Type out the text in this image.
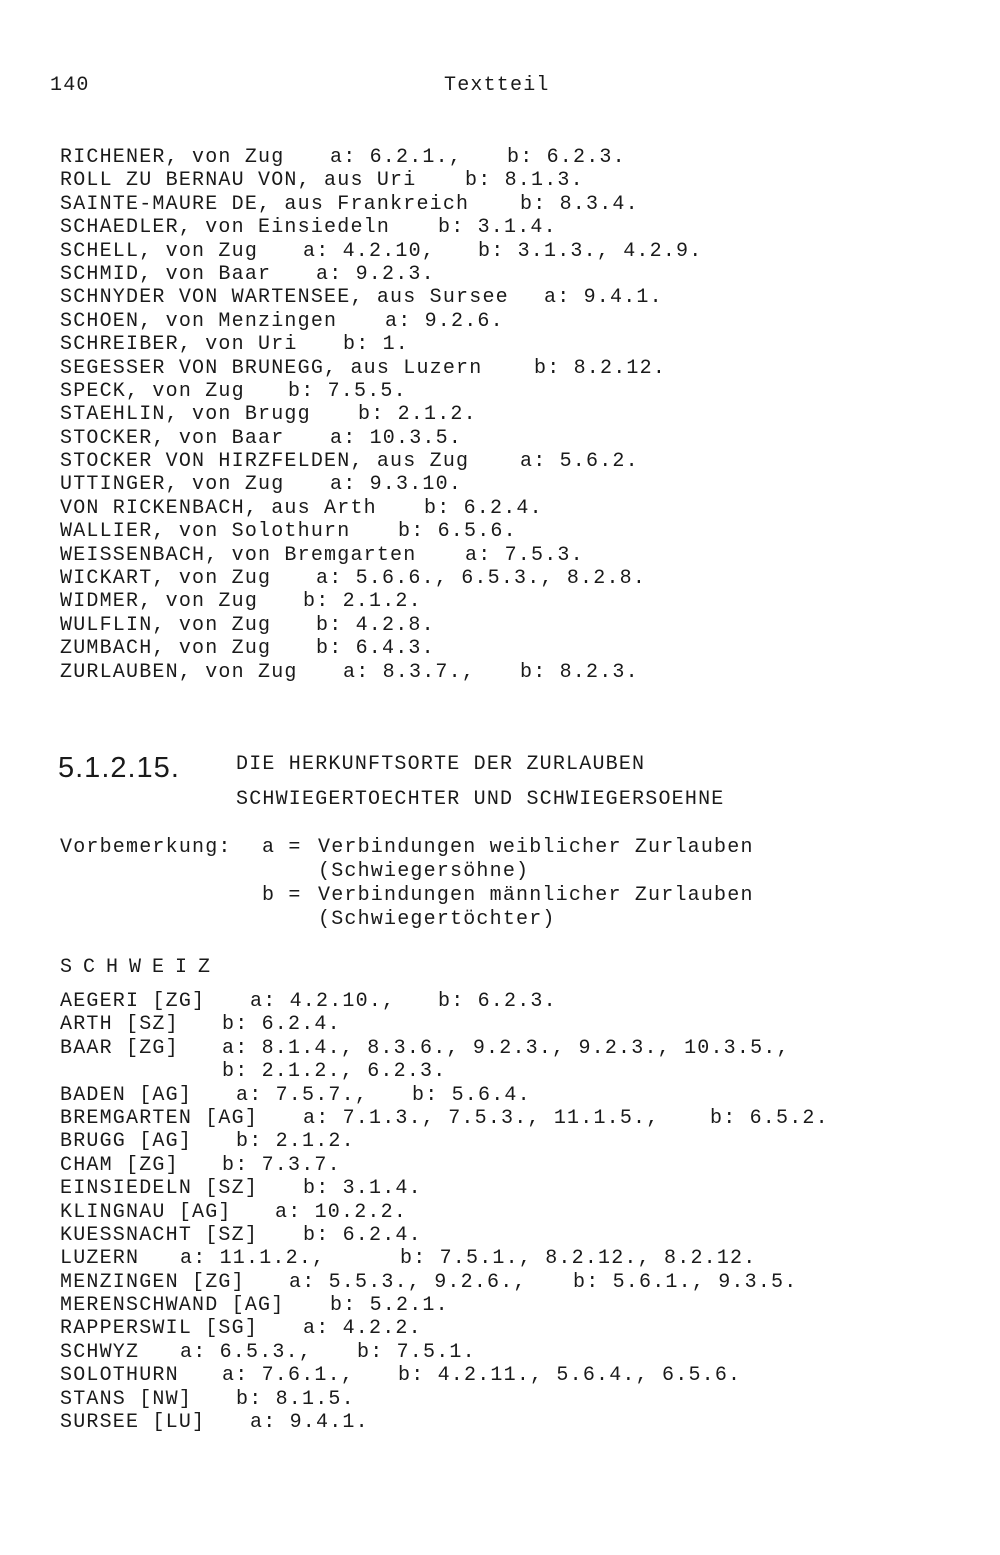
140	Textteil
RICHENER, von Zug a: 6.2.1., b: 6.2.3.
ROLL ZU BERNAU VON, aus Uri b: 8.1.3.
SAINTE-MAURE DE, aus Frankreich	b: 8.3.4.
SCHAEDLER, von Einsiedeln b: 3.1.4.
SCHELL, von Zug a: 4.2.10, b: 3.1.3., 4.2.9.
SCHMID, von Baar a: 9.2.3.
SCHNYDER VON WARTENSEE, aus Sursee a: 9.4.1.
SCHOEN, von Menzingen a: 9.2.6.
SCHREIBER, von Uri b: 1.
SEGESSER VON BRUNEGG, aus Luzern	b: 8.2.12.
SPECK, von Zug b: 7.5.5.
STAEHLIN, von Brugg b: 2.1.2.
STOCKER, von Baar a: 10.3.5.
STOCKER VON HIRZFELDEN, aus Zug	a: 5.6.2.
UTTINGER, von Zug a: 9.3.10.
VON RICKENBACH, aus Arth b: 6.2.4.
WALLIER, von Solothurn b: 6.5.6.
WEISSENBACH, von Bremgarten a: 7.5.3.
WICKART, von Zug a: 5.6.6., 6.5.3., 8.2.8.
WIDMER, von Zug b: 2.1.2.
WULFLIN, von Zug b: 4.2.8.
ZUMBACH, von Zug b: 6.4.3.
ZURLAUBEN, von Zug a: 8.3.7., b: 8.2.3.
5.1.2.15.	DIE HERKUNFTSORTE DER ZURLAUBEN
SCHWIEGERTOECHTER UND SCHWIEGERSOEHNE
Vorbemerkung: a = Verbindungen weiblicher Zurlauben
(Schwiegersöhne)
b = Verbindungen männlicher Zurlauben
(Schwiegertöchter)
SCHWEIZ
AEGERI [ZG] a: 4.2.10., b: 6.2.3.
ARTH [SZ] b: 6.2.4.
BAAR [ZG] a: 8.1.4., 8.3.6., 9.2.3., 9.2.3., 10.3.5.,
b: 2.1.2., 6.2.3.
BADEN [AG] a: 7.5.7., b: 5.6.4.
BREMGARTEN [AG] a: 7.1.3., 7.5.3., 11.1.5.,	b: 6.5.2.
BRUGG [AG] b: 2.1.2.
CHAM [ZG] b: 7.3.7.
EINSIEDELN [SZ] b: 3.1.4.
KLINGNAU [AG] a: 10.2.2.
KUESSNACHT [SZ] b: 6.2.4.
LUZERN a: 11.1.2.,	b: 7.5.1., 8.2.12., 8.2.12.
MENZINGEN [ZG] a: 5.5.3., 9.2.6., b: 5.6.1., 9.3.5.
MERENSCHWAND [AG] b: 5.2.1.
RAPPERSWIL [SG] a: 4.2.2.
SCHWYZ a: 6.5.3., b: 7.5.1.
SOLOTHURN a: 7.6.1., b: 4.2.11., 5.6.4., 6.5.6.
STANS [NW] b: 8.1.5.
SURSEE [LU] a: 9.4.1.
